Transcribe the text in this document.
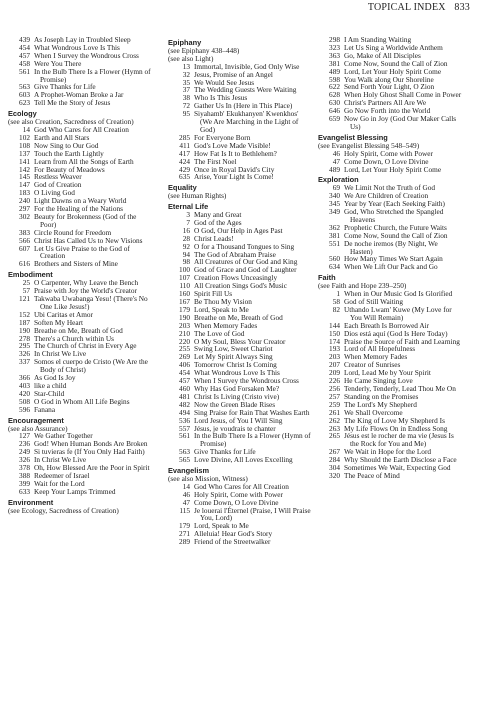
TOPICAL INDEX 833
439 As Joseph Lay in Troubled Sleep
454 What Wondrous Love Is This
457 When I Survey the Wondrous Cross
458 Were You There
561 In the Bulb There Is a Flower (Hymn of Promise)
563 Give Thanks for Life
603 A Prophet-Woman Broke a Jar
623 Tell Me the Story of Jesus
Ecology
(see also Creation, Sacredness of Creation)
14 God Who Cares for All Creation
102 Earth and All Stars
108 Now Sing to Our God
137 Touch the Earth Lightly
141 Learn from All the Songs of Earth
142 For Beauty of Meadows
145 Restless Weaver
147 God of Creation
183 O Living God
240 Light Dawns on a Weary World
297 For the Healing of the Nations
302 Beauty for Brokenness (God of the Poor)
383 Circle Round for Freedom
566 Christ Has Called Us to New Visions
607 Let Us Give Praise to the God of Creation
616 Brothers and Sisters of Mine
Embodiment
25 O Carpenter, Why Leave the Bench
57 Praise with Joy the World's Creator
121 Takwaba Uwabanga Yesu! (There's No One Like Jesus!)
152 Ubi Caritas et Amor
187 Soften My Heart
190 Breathe on Me, Breath of God
278 There's a Church within Us
295 The Church of Christ in Every Age
326 In Christ We Live
337 Somos el cuerpo de Cristo (We Are the Body of Christ)
366 As God Is Joy
403 like a child
420 Star-Child
508 O God in Whom All Life Begins
596 Fanana
Encouragement
(see also Assurance)
127 We Gather Together
236 God! When Human Bonds Are Broken
249 Si tuvieras fe (If You Only Had Faith)
326 In Christ We Live
378 Oh, How Blessed Are the Poor in Spirit
388 Redeemer of Israel
399 Wait for the Lord
633 Keep Your Lamps Trimmed
Environment
(see Ecology, Sacredness of Creation)
Epiphany
(see Epiphany 438–448)
(see also Light)
13 Immortal, Invisible, God Only Wise
32 Jesus, Promise of an Angel
35 We Would See Jesus
37 The Wedding Guests Were Waiting
38 Who Is This Jesus
72 Gather Us In (Here in This Place)
95 Siyahamb' Ekukhanyen' Kwenkhos' (We Are Marching in the Light of God)
285 For Everyone Born
411 God's Love Made Visible!
417 How Fat Is It to Bethlehem?
424 The First Noel
429 Once in Royal David's City
635 Arise, Your Light Is Come!
Equality
(see Human Rights)
Eternal Life
3 Many and Great
7 God of the Ages
16 O God, Our Help in Ages Past
28 Christ Leads!
92 O for a Thousand Tongues to Sing
94 The God of Abraham Praise
98 All Creatures of Our God and King
100 God of Grace and God of Laughter
107 Creation Flows Unceasingly
110 All Creation Sings God's Music
160 Spirit Fill Us
167 Be Thou My Vision
179 Lord, Speak to Me
190 Breathe on Me, Breath of God
203 When Memory Fades
210 The Love of God
220 O My Soul, Bless Your Creator
255 Swing Low, Sweet Chariot
269 Let My Spirit Always Sing
406 Tomorrow Christ Is Coming
454 What Wondrous Love Is This
457 When I Survey the Wondrous Cross
460 Why Has God Forsaken Me?
481 Christ Is Living (Cristo vive)
482 Now the Green Blade Rises
494 Sing Praise for Rain That Washes Earth
536 Lord Jesus, of You I Will Sing
557 Jésus, je voudrais te chanter
561 In the Bulb There Is a Flower (Hymn of Promise)
563 Give Thanks for Life
565 Love Divine, All Loves Excelling
Evangelism
(see also Mission, Witness)
14 God Who Cares for All Creation
46 Holy Spirit, Come with Power
47 Come Down, O Love Divine
115 Je louerai l'Éternel (Praise, I Will Praise You, Lord)
179 Lord, Speak to Me
271 Alleluia! Hear God's Story
289 Friend of the Streetwalker
298 I Am Standing Waiting
323 Let Us Sing a Worldwide Anthem
363 Go, Make of All Disciples
381 Come Now, Sound the Call of Zion
489 Lord, Let Your Holy Spirit Come
598 You Walk along Our Shoreline
622 Send Forth Your Light, O Zion
628 When Holy Ghost Shall Come in Power
630 Christ's Partners All Are We
646 Go Now Forth into the World
659 Now Go in Joy (God Our Maker Calls Us)
Evangelist Blessing
(see Evangelist Blessing 548–549)
46 Holy Spirit, Come with Power
47 Come Down, O Love Divine
489 Lord, Let Your Holy Spirit Come
Exploration
69 We Limit Not the Truth of God
340 We Are Children of Creation
345 Year by Year (Each Seeking Faith)
349 God, Who Stretched the Spangled Heavens
362 Prophetic Church, the Future Waits
381 Come Now, Sound the Call of Zion
551 De noche iremos (By Night, We Hasten)
560 How Many Times We Start Again
634 When We Lift Our Pack and Go
Faith
(see Faith and Hope 239–250)
1 When in Our Music God Is Glorified
58 God of Still Waiting
82 Uthando Lwam' Kuwe (My Love for You Will Remain)
144 Each Breath Is Borrowed Air
150 Dios está aquí (God Is Here Today)
174 Praise the Source of Faith and Learning
193 Lord of All Hopefulness
203 When Memory Fades
207 Creator of Sunrises
209 Lord, Lead Me by Your Spirit
226 He Came Singing Love
256 Tenderly, Tenderly, Lead Thou Me On
257 Standing on the Promises
259 The Lord's My Shepherd
261 We Shall Overcome
262 The King of Love My Shepherd Is
263 My Life Flows On in Endless Song
265 Jésus est le rocher de ma vie (Jesus Is the Rock for You and Me)
267 We Wait in Hope for the Lord
284 Why Should the Earth Disclose a Face
304 Sometimes We Wait, Expecting God
320 The Peace of Mind
